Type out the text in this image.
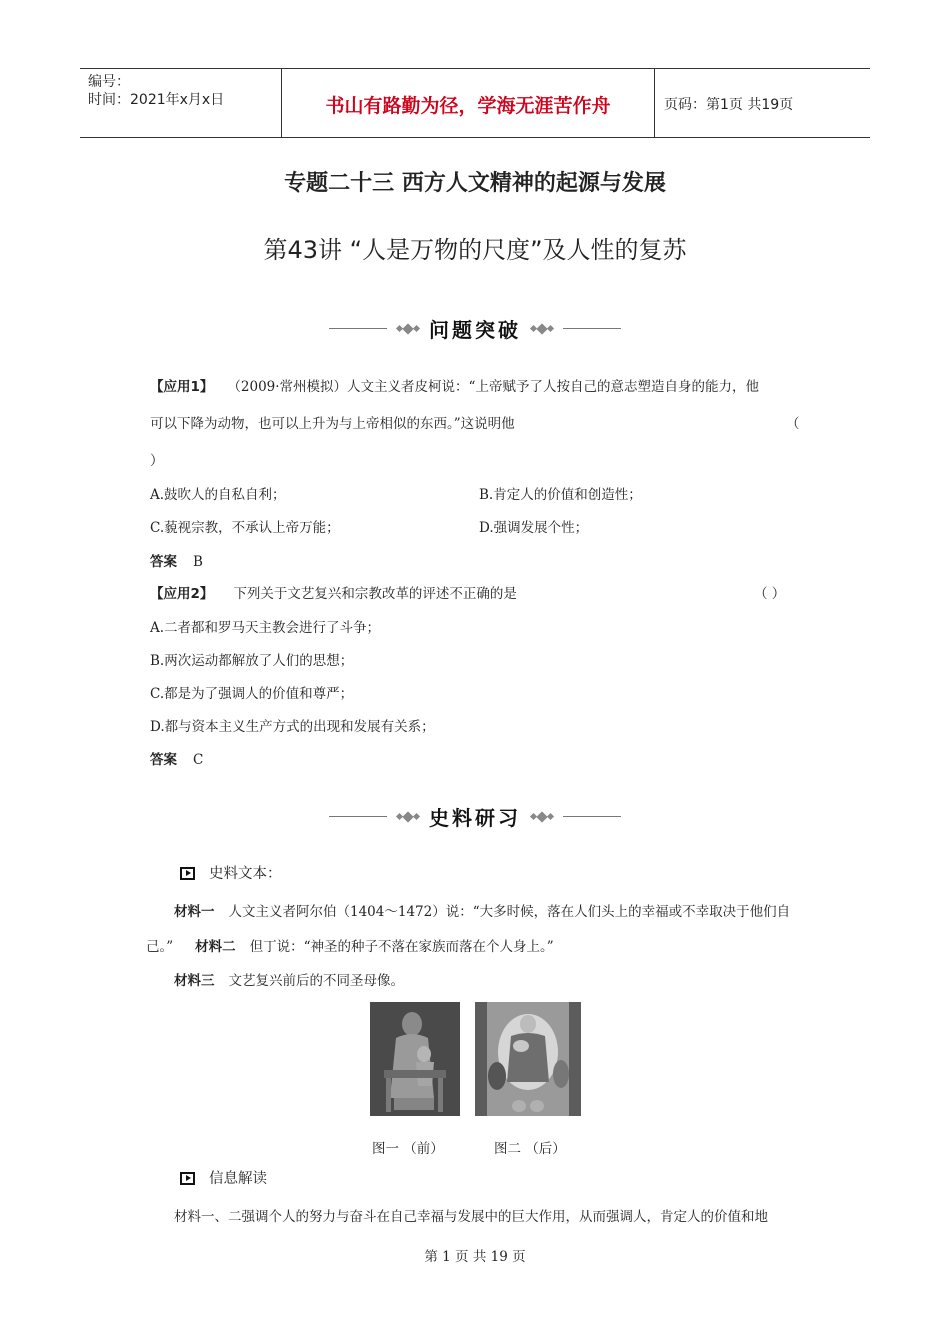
编号：
时间：2021年x月x日	书山有路勤为径，学海无涯苦作舟	页码：第1页 共19页
专题二十三 西方人文精神的起源与发展
第43讲 “人是万物的尺度”及人性的复苏
问题突破
【应用1】 （2009·常州模拟）人文主义者皮柯说：“上帝赋予了人按自己的意志塑造自身的能力，他
可以下降为动物，也可以上升为与上帝相似的东西。”这说明他	（
）
A.鼓吹人的自私自利；	B.肯定人的价值和创造性；
C.藐视宗教，不承认上帝万能；	D.强调发展个性；
答案 B
【应用2】 下列关于文艺复兴和宗教改革的评述不正确的是	（ ）
A.二者都和罗马天主教会进行了斗争；
B.两次运动都解放了人们的思想；
C.都是为了强调人的价值和尊严；
D.都与资本主义生产方式的出现和发展有关系；
答案 C
史料研习
史料文本：
材料一 人文主义者阿尔伯（1404～1472）说：“大多时候，落在人们头上的幸福或不幸取决于他们自
己。” 材料二 但丁说：“神圣的种子不落在家族而落在个人身上。”
材料三 文艺复兴前后的不同圣母像。
图一 （前）	图二 （后）
信息解读
材料一、二强调个人的努力与奋斗在自己幸福与发展中的巨大作用，从而强调人，肯定人的价值和地
第 1 页 共 19 页
